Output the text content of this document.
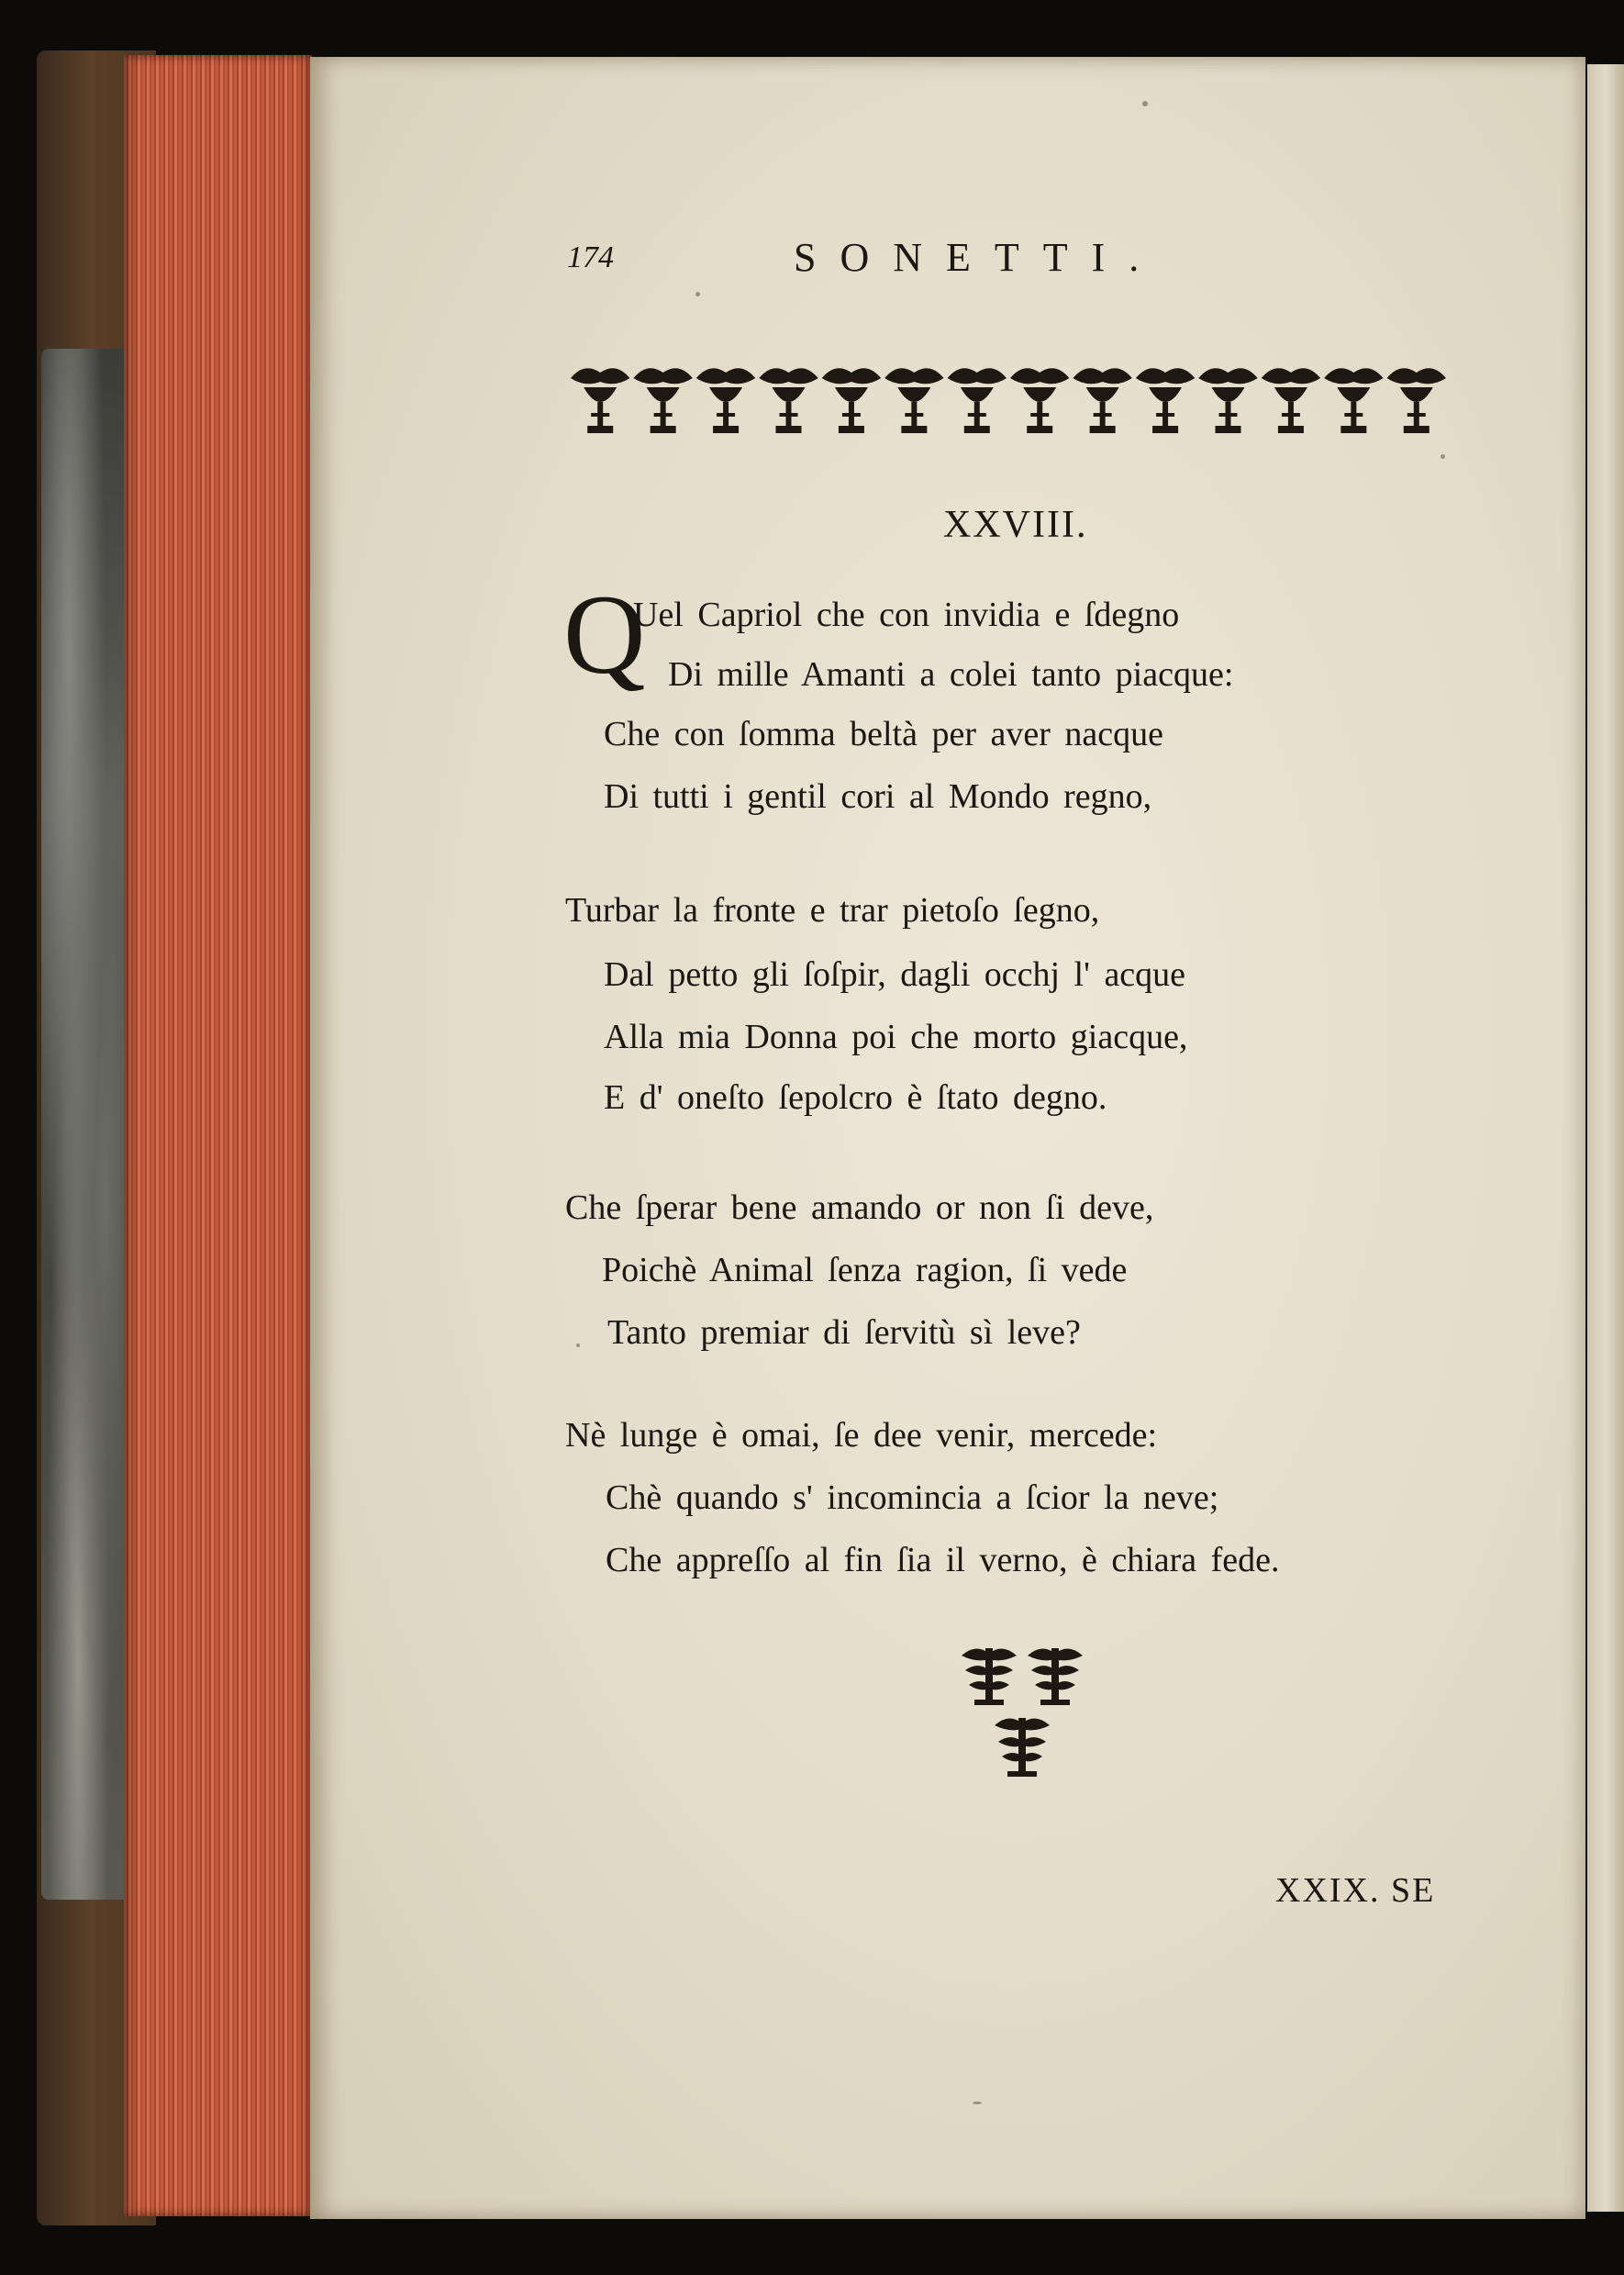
174	SONETTI.
XXVIII.
Q
Uel Capriol che con invidia e ſdegno
Di mille Amanti a colei tanto piacque:
Che con ſomma beltà per aver nacque
Di tutti i gentil cori al Mondo regno,
Turbar la fronte e trar pietoſo ſegno,
Dal petto gli ſoſpir, dagli occhj l' acque
Alla mia Donna poi che morto giacque,
E d' oneſto ſepolcro è ſtato degno.
Che ſperar bene amando or non ſi deve,
Poichè Animal ſenza ragion, ſi vede
Tanto premiar di ſervitù sì leve?
Nè lunge è omai, ſe dee venir, mercede:
Chè quando s' incomincia a ſcior la neve;
Che appreſſo al fin ſia il verno, è chiara fede.
XXIX. SE
